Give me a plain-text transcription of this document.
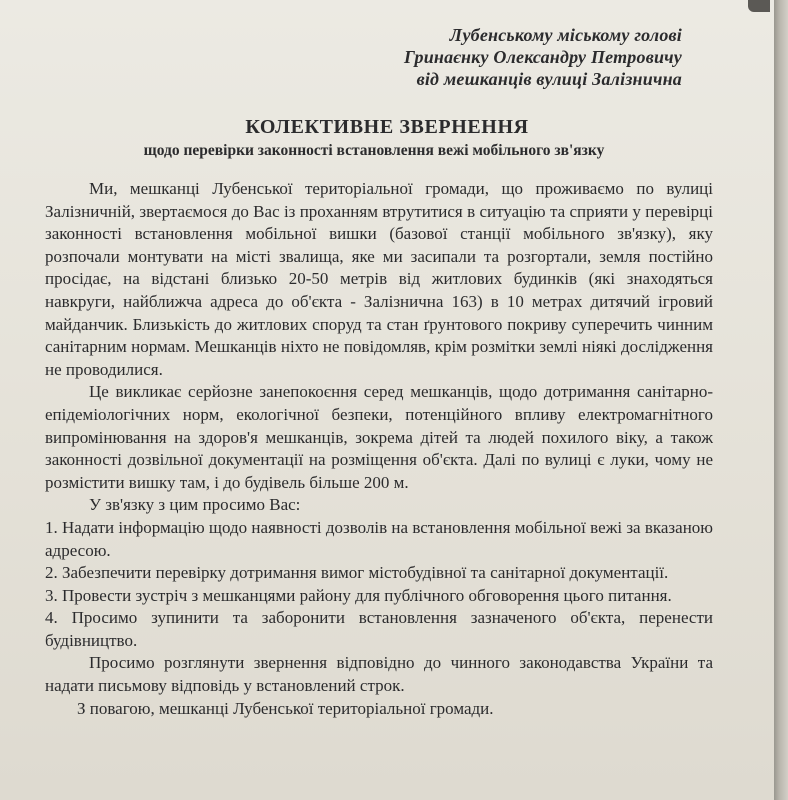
Лубенському міському голові
Гринаєнку Олександру Петровичу
від мешканців вулиці Залізнична
КОЛЕКТИВНЕ ЗВЕРНЕННЯ
щодо перевірки законності встановлення вежі мобільного зв'язку

Ми, мешканці Лубенської територіальної громади, що проживаємо по вулиці Залізничній, звертаємося до Вас із проханням втрутитися в ситуацію та сприяти у перевірці законності встановлення мобільної вишки (базової станції мобільного зв'язку), яку розпочали монтувати на місті звалища, яке ми засипали та розгортали, земля постійно просідає, на відстані близько 20-50 метрів від житлових будинків (які знаходяться навкруги, найближча адреса до об'єкта - Залізнична 163) в 10 метрах дитячий ігровий майданчик. Близькість до житлових споруд та стан ґрунтового покриву суперечить чинним санітарним нормам. Мешканців ніхто не повідомляв, крім розмітки землі ніякі дослідження не проводилися.

Це викликає серйозне занепокоєння серед мешканців, щодо дотримання санітарно-епідеміологічних норм, екологічної безпеки, потенційного впливу електромагнітного випромінювання на здоров'я мешканців, зокрема дітей та людей похилого віку, а також законності дозвільної документації на розміщення об'єкта. Далі по вулиці є луки, чому не розмістити вишку там, і до будівель більше 200 м.

У зв'язку з цим просимо Вас:

1. Надати інформацію щодо наявності дозволів на встановлення мобільної вежі за вказаною адресою.

2. Забезпечити перевірку дотримання вимог містобудівної та санітарної документації.

3. Провести зустріч з мешканцями району для публічного обговорення цього питання.

4. Просимо зупинити та заборонити встановлення зазначеного об'єкта, перенести будівництво.

Просимо розглянути звернення відповідно до чинного законодавства України та надати письмову відповідь у встановлений строк.

З повагою, мешканці Лубенської територіальної громади.
